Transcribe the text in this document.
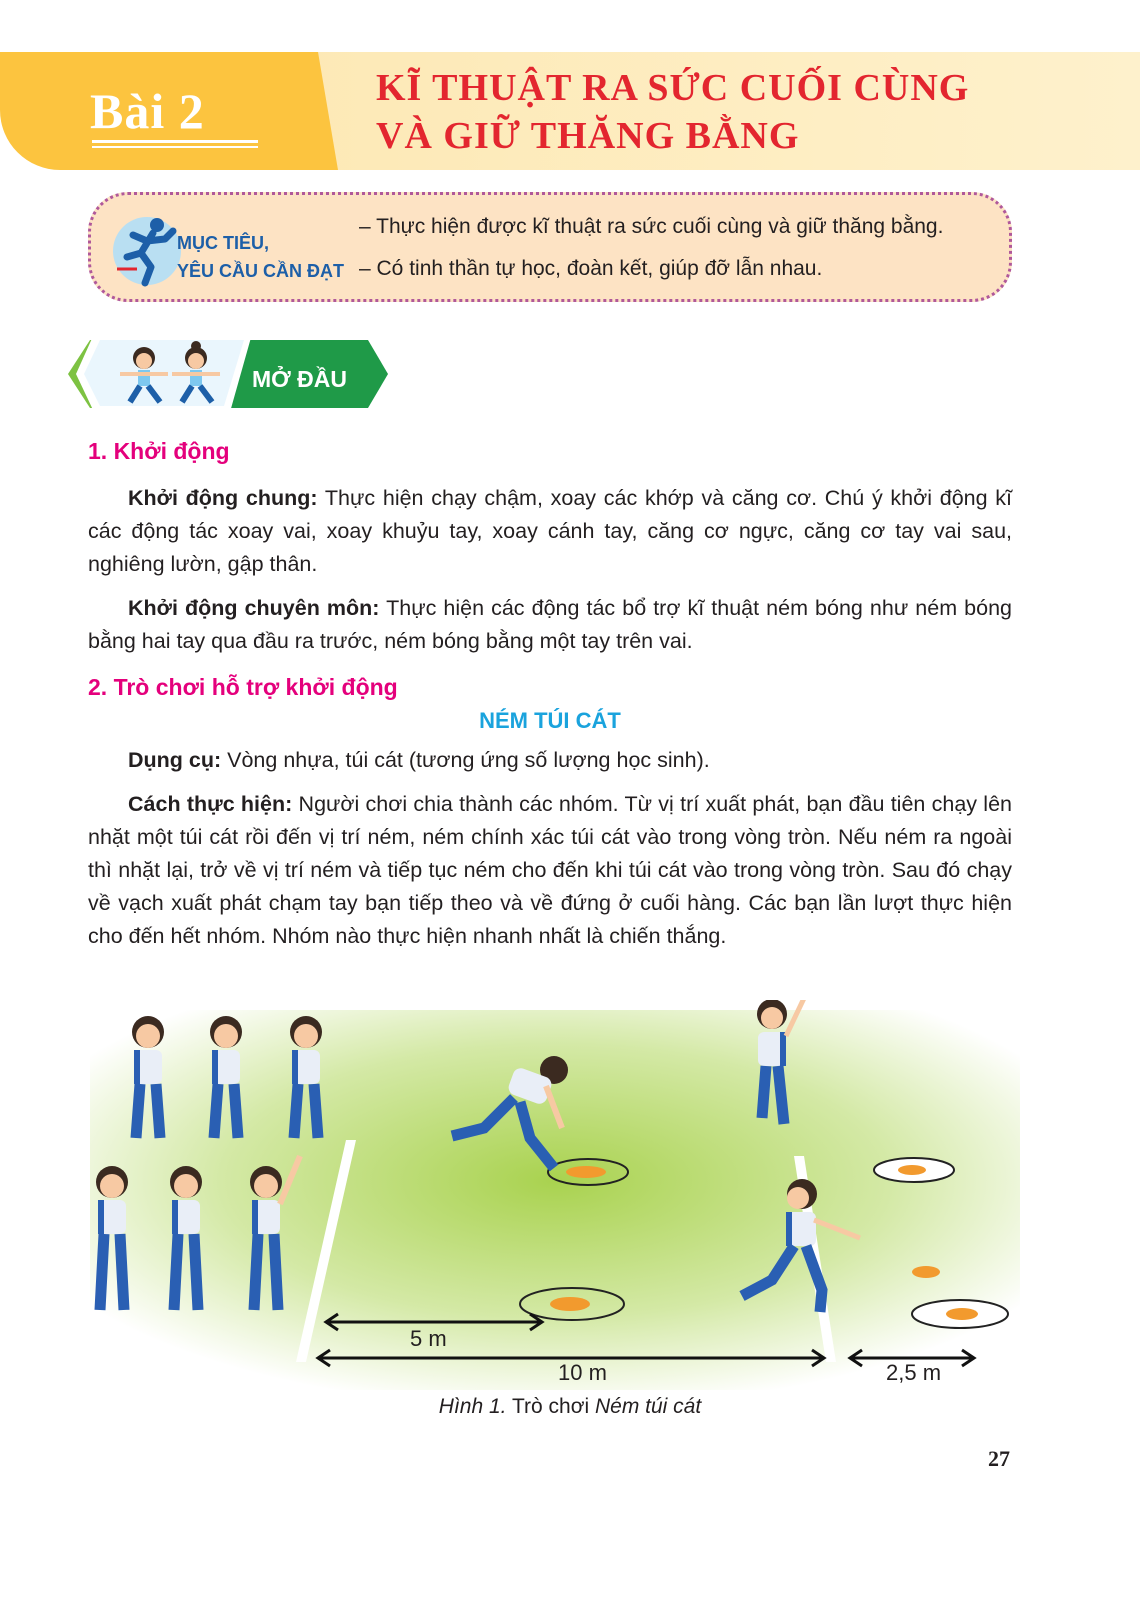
Bài 2	KĨ THUẬT RA SỨC CUỐI CÙNG
VÀ GIỮ THĂNG BẰNG
MỤC TIÊU,
YÊU CẦU CẦN ĐẠT
– Thực hiện được kĩ thuật ra sức cuối cùng và giữ thăng bằng.
– Có tinh thần tự học, đoàn kết, giúp đỡ lẫn nhau.
MỞ ĐẦU
1. Khởi động
Khởi động chung: Thực hiện chạy chậm, xoay các khớp và căng cơ. Chú ý khởi động kĩ các động tác xoay vai, xoay khuỷu tay, xoay cánh tay, căng cơ ngực, căng cơ tay vai sau, nghiêng lườn, gập thân.
Khởi động chuyên môn: Thực hiện các động tác bổ trợ kĩ thuật ném bóng như ném bóng bằng hai tay qua đầu ra trước, ném bóng bằng một tay trên vai.
2. Trò chơi hỗ trợ khởi động
NÉM TÚI CÁT
Dụng cụ: Vòng nhựa, túi cát (tương ứng số lượng học sinh).
Cách thực hiện: Người chơi chia thành các nhóm. Từ vị trí xuất phát, bạn đầu tiên chạy lên nhặt một túi cát rồi đến vị trí ném, ném chính xác túi cát vào trong vòng tròn. Nếu ném ra ngoài thì nhặt lại, trở về vị trí ném và tiếp tục ném cho đến khi túi cát vào trong vòng tròn. Sau đó chạy về vạch xuất phát chạm tay bạn tiếp theo và về đứng ở cuối hàng. Các bạn lần lượt thực hiện cho đến hết nhóm. Nhóm nào thực hiện nhanh nhất là chiến thắng.
5 m
10 m	2,5 m
Hình 1. Trò chơi Ném túi cát
27
